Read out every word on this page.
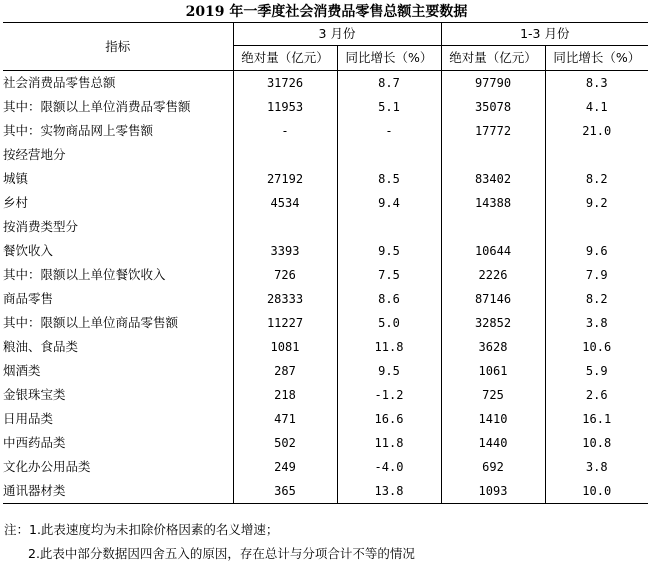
2019 年一季度社会消费品零售总额主要数据
指标	3 月份		1-3 月份	
	绝对量（亿元）	同比增长（%）	绝对量（亿元）	同比增长（%）
社会消费品零售总额	31726	8.7	97790	8.3
其中：限额以上单位消费品零售额	11953	5.1	35078	4.1
其中：实物商品网上零售额	-	-	17772	21.0
按经营地分				
城镇	27192	8.5	83402	8.2
乡村	4534	9.4	14388	9.2
按消费类型分				
餐饮收入	3393	9.5	10644	9.6
其中：限额以上单位餐饮收入	726	7.5	2226	7.9
商品零售	28333	8.6	87146	8.2
其中：限额以上单位商品零售额	11227	5.0	32852	3.8
粮油、食品类	1081	11.8	3628	10.6
烟酒类	287	9.5	1061	5.9
金银珠宝类	218	-1.2	725	2.6
日用品类	471	16.6	1410	16.1
中西药品类	502	11.8	1440	10.8
文化办公用品类	249	-4.0	692	3.8
通讯器材类	365	13.8	1093	10.0
注：1.此表速度均为未扣除价格因素的名义增速；
2.此表中部分数据因四舍五入的原因，存在总计与分项合计不等的情况
